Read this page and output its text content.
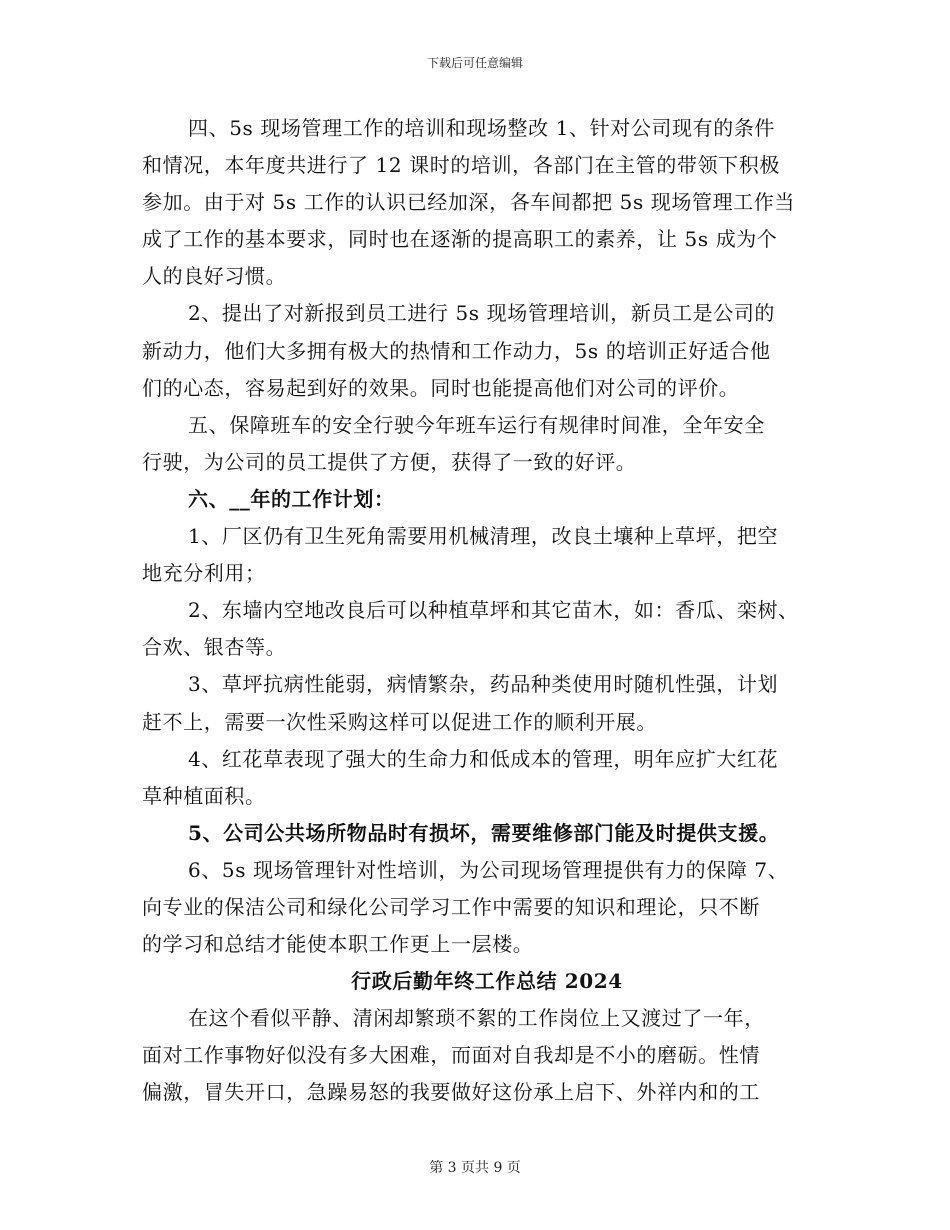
下载后可任意编辑
四、5s 现场管理工作的培训和现场整改 1、针对公司现有的条件
和情况，本年度共进行了 12 课时的培训，各部门在主管的带领下积极
参加。由于对 5s 工作的认识已经加深，各车间都把 5s 现场管理工作当
成了工作的基本要求，同时也在逐渐的提高职工的素养，让 5s 成为个
人的良好习惯。
2、提出了对新报到员工进行 5s 现场管理培训，新员工是公司的
新动力，他们大多拥有极大的热情和工作动力，5s 的培训正好适合他
们的心态，容易起到好的效果。同时也能提高他们对公司的评价。
五、保障班车的安全行驶今年班车运行有规律时间准，全年安全
行驶，为公司的员工提供了方便，获得了一致的好评。
六、__年的工作计划：
1、厂区仍有卫生死角需要用机械清理，改良土壤种上草坪，把空
地充分利用；
2、东墙内空地改良后可以种植草坪和其它苗木，如：香瓜、栾树、
合欢、银杏等。
3、草坪抗病性能弱，病情繁杂，药品种类使用时随机性强，计划
赶不上，需要一次性采购这样可以促进工作的顺利开展。
4、红花草表现了强大的生命力和低成本的管理，明年应扩大红花
草种植面积。
5、公司公共场所物品时有损坏，需要维修部门能及时提供支援。
6、5s 现场管理针对性培训，为公司现场管理提供有力的保障 7、
向专业的保洁公司和绿化公司学习工作中需要的知识和理论，只不断
的学习和总结才能使本职工作更上一层楼。
行政后勤年终工作总结 2024
在这个看似平静、清闲却繁琐不絮的工作岗位上又渡过了一年，
面对工作事物好似没有多大困难，而面对自我却是不小的磨砺。性情
偏激，冒失开口，急躁易怒的我要做好这份承上启下、外祥内和的工
第 3 页共 9 页
